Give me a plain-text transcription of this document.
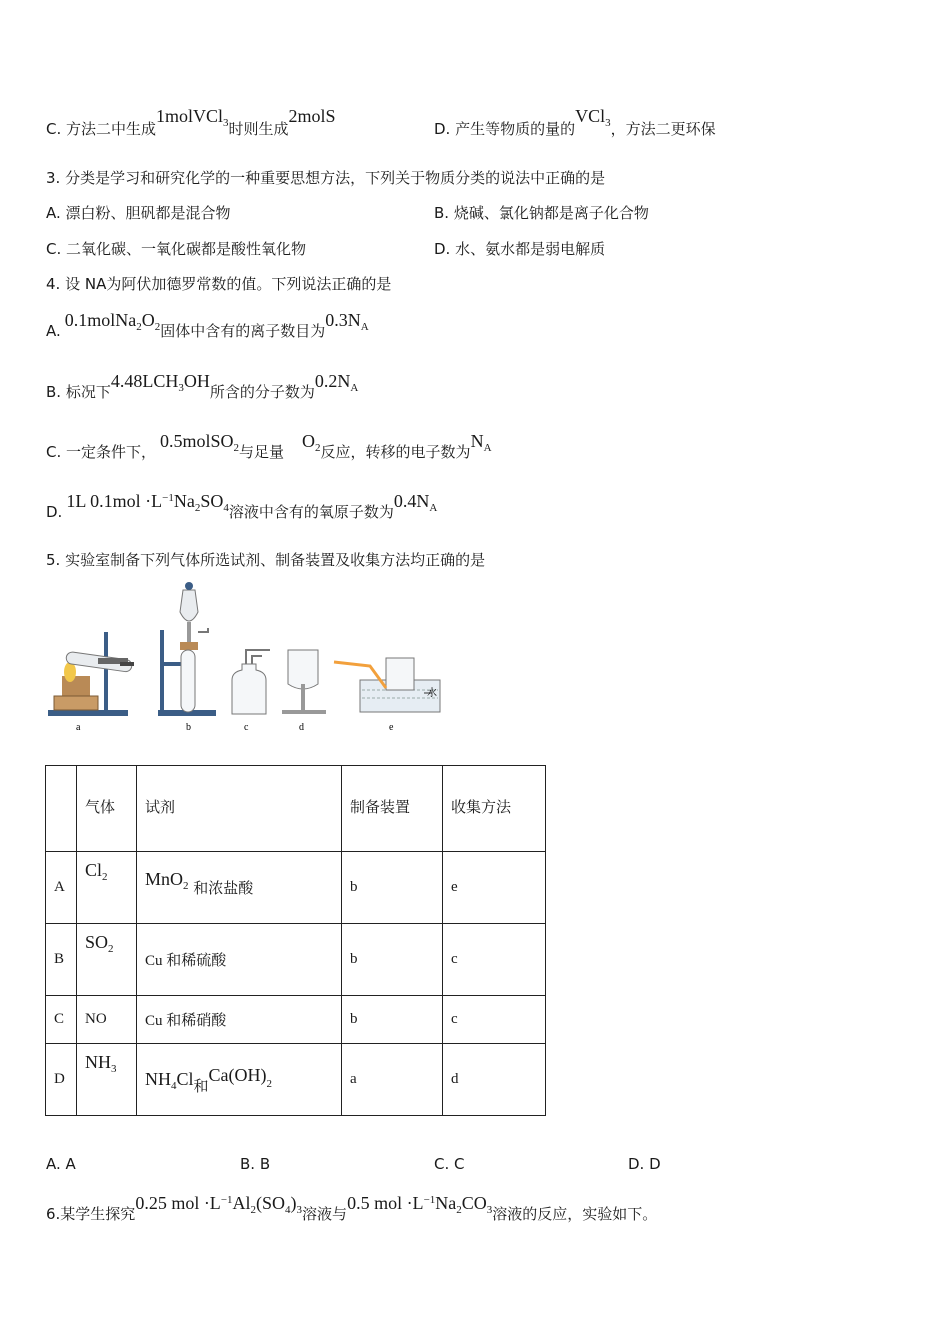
C. 方法二中生成1molVCl$^3$时则生成2molS
D. 产生等物质的量的VCl$^3$，方法二更环保
3. 分类是学习和研究化学的一种重要思想方法，下列关于物质分类的说法中正确的是
A. 漂白粉、胆矾都是混合物	B. 烧碱、氯化钠都是离子化合物
C. 二氧化碳、一氧化碳都是酸性氧化物	D. 水、氨水都是弱电解质
4. 设 NA为阿伏加德罗常数的值。下列说法正确的是
$A.0.1molNa^2O^2$固体中含有的离子数目为$0.3N^A$
B. 标况下4.48LCH$^3$OH所含的分子数为$0.2N^A$
C. 一定条件下，0.5molSO$^2$与足量$O^2$反应，转移的电子数为$N^A$
D.1L $0.1mol \cdot L^{-1}Na^2SO^4$溶液中含有的氧原子数为$0.4N^A$
5. 实验室制备下列气体所选试剂、制备装置及收集方法均正确的是
a	b	c	d
水
e
	气体	试剂	制备装置	收集方法
A	$Cl_2$	MnO$^2$ 和浓盐酸	b	e
B	$SO_2$	Cu 和稀硫酸	b	c
C	NO	Cu 和稀硝酸	b	c
D	$NH_3$	$NH_4Cl$和Ca(OH)2	a	d
A. A	B. B	C. C	D. D
6.某学生探究0.25 mol $\cdot L^{-1}Al^2(SO^4)^3$溶液与0.5 mol $\cdot L^{-1}Na^2CO^3$溶液的反应，实验如下。
